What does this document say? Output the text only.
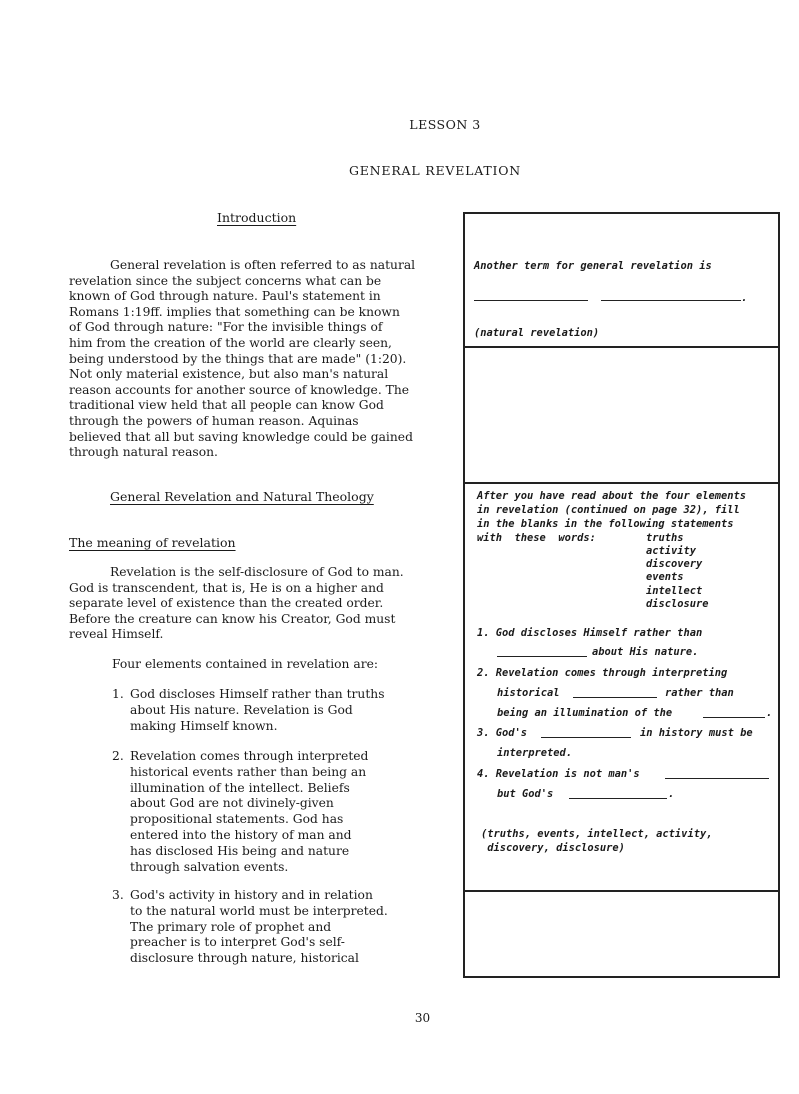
LESSON 3
GENERAL REVELATION
Introduction
General revelation is often referred to as natural
revelation since the subject concerns what can be
known of God through nature. Paul's statement in
Romans 1:19ff. implies that something can be known
of God through nature: "For the invisible things of
him from the creation of the world are clearly seen,
being understood by the things that are made" (1:20).
Not only material existence, but also man's natural
reason accounts for another source of knowledge. The
traditional view held that all people can know God
through the powers of human reason. Aquinas
believed that all but saving knowledge could be gained
through natural reason.
General Revelation and Natural Theology
The meaning of revelation
Revelation is the self-disclosure of God to man.
God is transcendent, that is, He is on a higher and
separate level of existence than the created order.
Before the creature can know his Creator, God must
reveal Himself.
Four elements contained in revelation are:
1. God discloses Himself rather than truths
about His nature. Revelation is God
making Himself known.
2. Revelation comes through interpreted
historical events rather than being an
illumination of the intellect. Beliefs
about God are not divinely-given
propositional statements. God has
entered into the history of man and
has disclosed His being and nature
through salvation events.
3. God's activity in history and in relation
to the natural world must be interpreted.
The primary role of prophet and
preacher is to interpret God's self-
disclosure through nature, historical
Another term for general revelation is
.
(natural revelation)
After you have read about the four elements
in revelation (continued on page 32), fill
in the blanks in the following statements
with  these  words:	truths
activity
discovery
events
intellect
disclosure
1. God discloses Himself rather than
about His nature.
2. Revelation comes through interpreting
historical	rather than
being an illumination of the	.
3. God's	in history must be
interpreted.
4. Revelation is not man's
but God's	.
(truths, events, intellect, activity,
discovery, disclosure)
30
